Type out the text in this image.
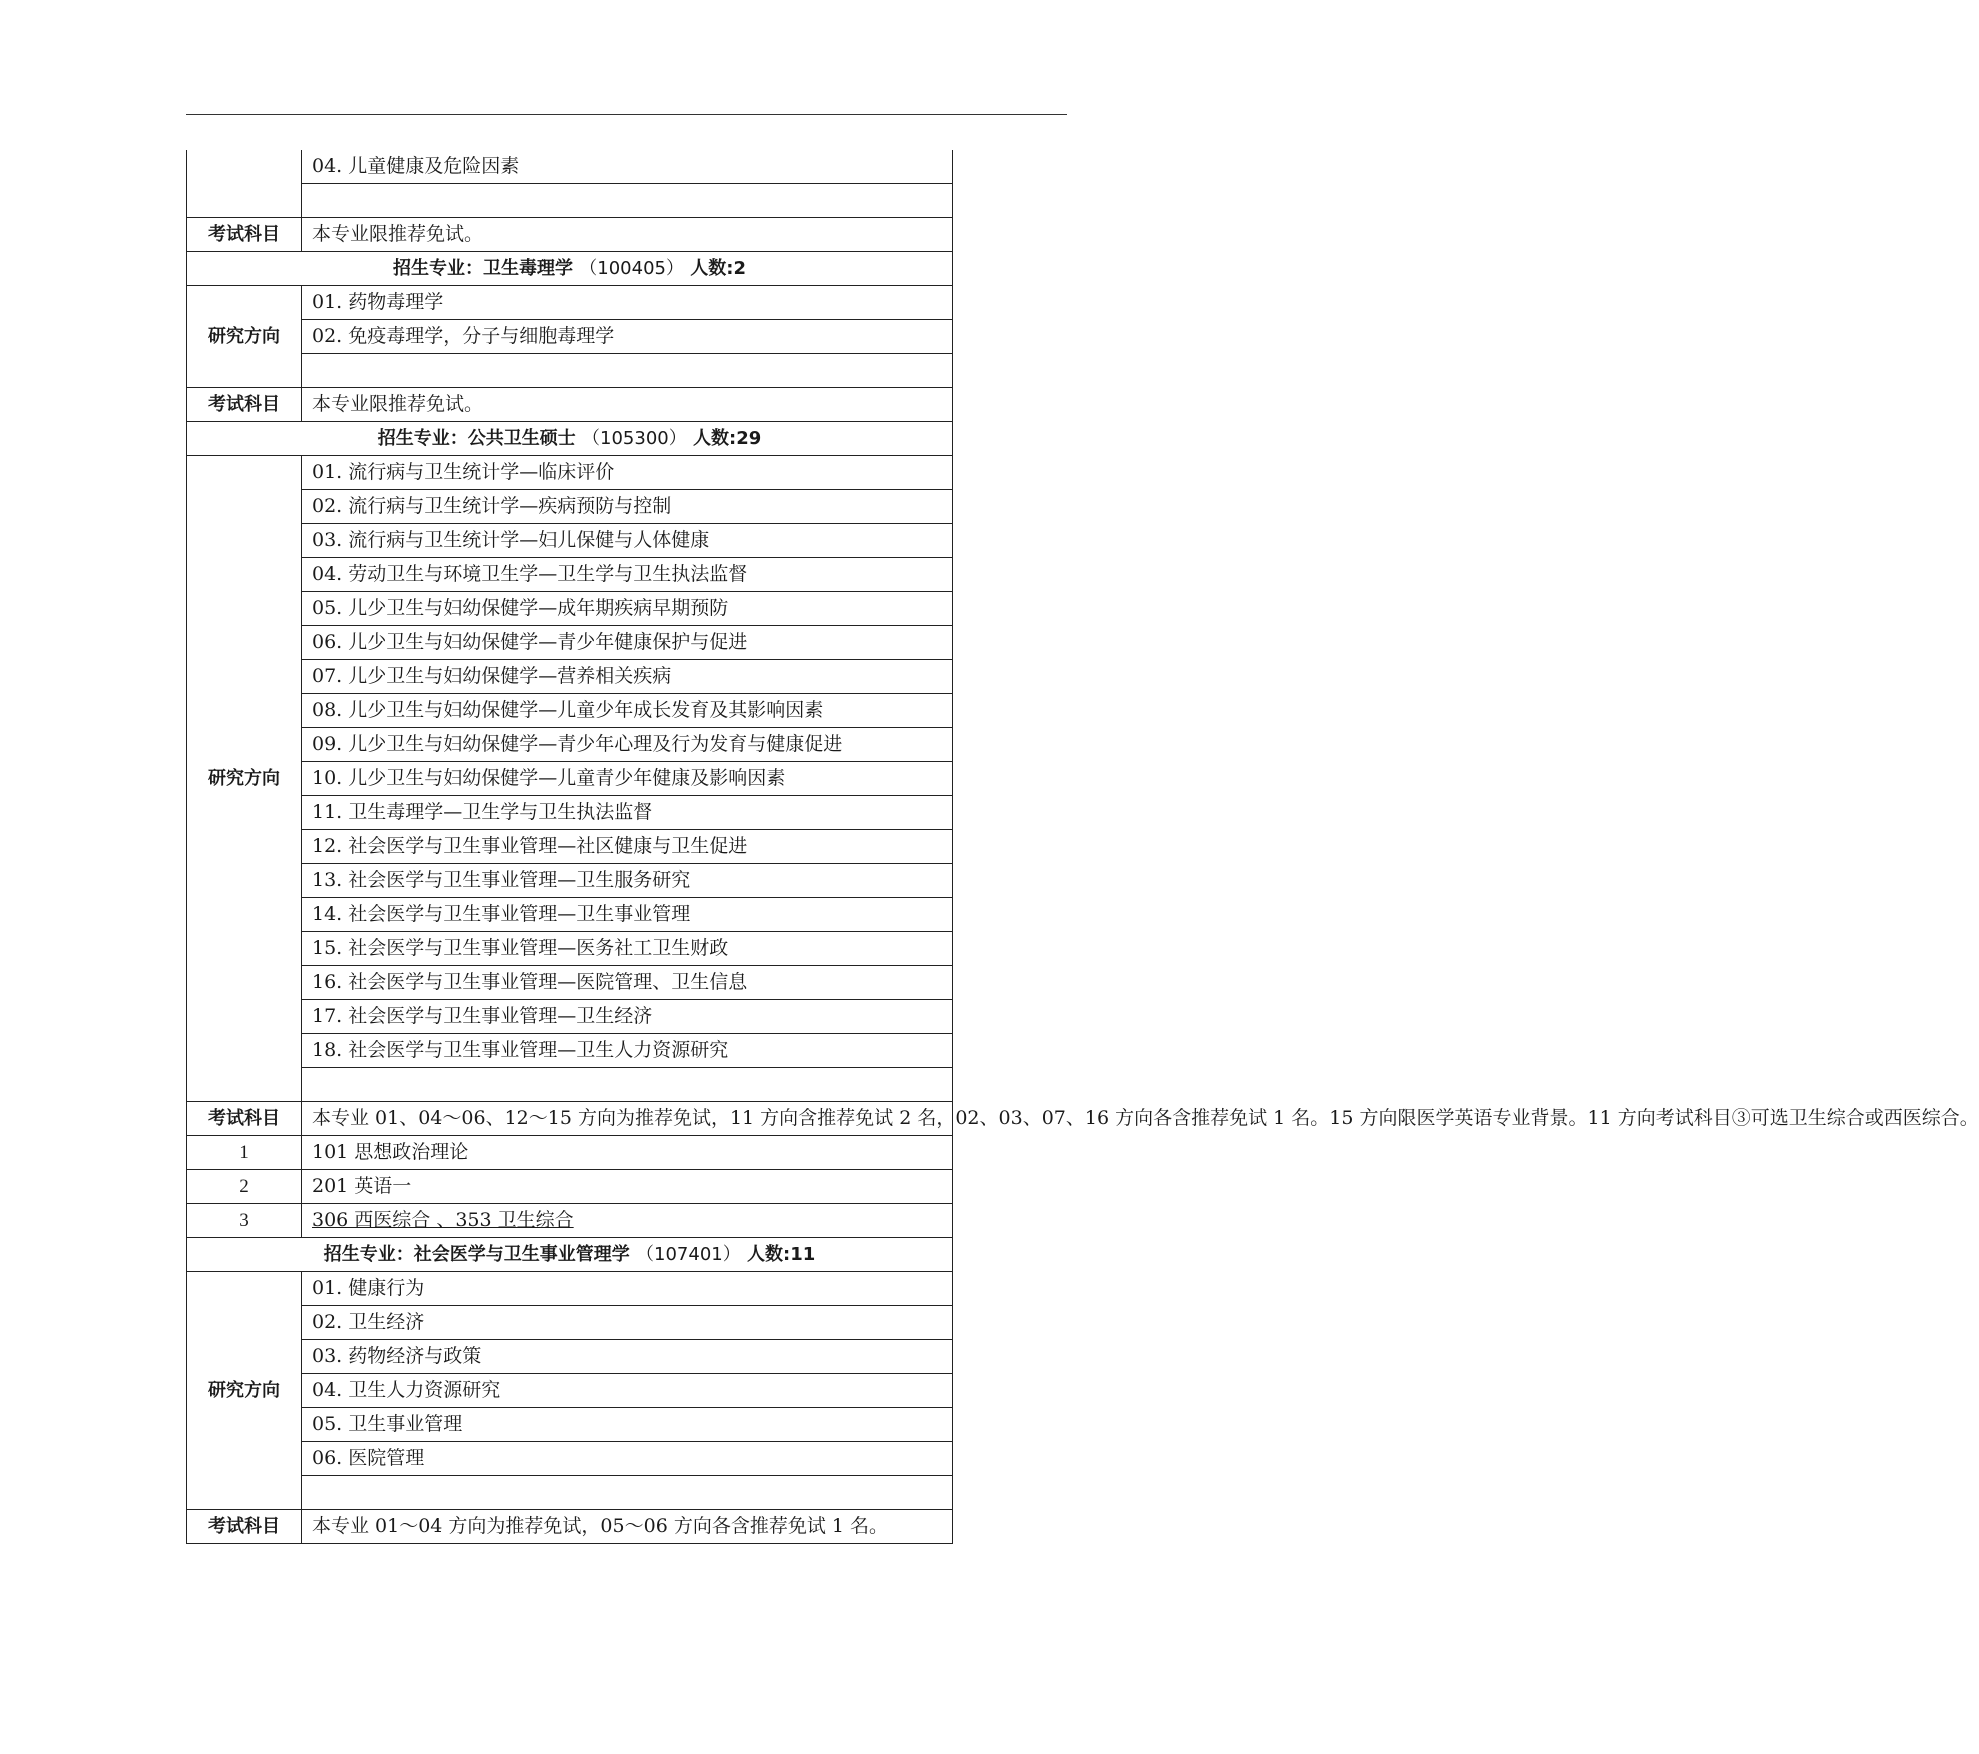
	04. 儿童健康及危险因素

考试科目	本专业限推荐免试。
招生专业：卫生毒理学 （100405） 人数:2	
研究方向	01. 药物毒理学
	02. 免疫毒理学，分子与细胞毒理学

考试科目	本专业限推荐免试。
招生专业：公共卫生硕士 （105300） 人数:29	
研究方向	01. 流行病与卫生统计学—临床评价
	02. 流行病与卫生统计学—疾病预防与控制
	03. 流行病与卫生统计学—妇儿保健与人体健康
	04. 劳动卫生与环境卫生学—卫生学与卫生执法监督
	05. 儿少卫生与妇幼保健学—成年期疾病早期预防
	06. 儿少卫生与妇幼保健学—青少年健康保护与促进
	07. 儿少卫生与妇幼保健学—营养相关疾病
	08. 儿少卫生与妇幼保健学—儿童少年成长发育及其影响因素
	09. 儿少卫生与妇幼保健学—青少年心理及行为发育与健康促进
	10. 儿少卫生与妇幼保健学—儿童青少年健康及影响因素
	11. 卫生毒理学—卫生学与卫生执法监督
	12. 社会医学与卫生事业管理—社区健康与卫生促进
	13. 社会医学与卫生事业管理—卫生服务研究
	14. 社会医学与卫生事业管理—卫生事业管理
	15. 社会医学与卫生事业管理—医务社工卫生财政
	16. 社会医学与卫生事业管理—医院管理、卫生信息
	17. 社会医学与卫生事业管理—卫生经济
	18. 社会医学与卫生事业管理—卫生人力资源研究

考试科目	本专业 01、04～06、12～15 方向为推荐免试，11 方向含推荐免试 2 名，02、03、07、16 方向各含推荐免试 1 名。15 方向限医学英语专业背景。11 方向考试科目③可选卫生综合或西医综合。
1	101 思想政治理论
2	201 英语一
3	306 西医综合 、353 卫生综合
招生专业：社会医学与卫生事业管理学 （107401） 人数:11	
研究方向	01. 健康行为
	02. 卫生经济
	03. 药物经济与政策
	04. 卫生人力资源研究
	05. 卫生事业管理
	06. 医院管理

考试科目	本专业 01～04 方向为推荐免试，05～06 方向各含推荐免试 1 名。
